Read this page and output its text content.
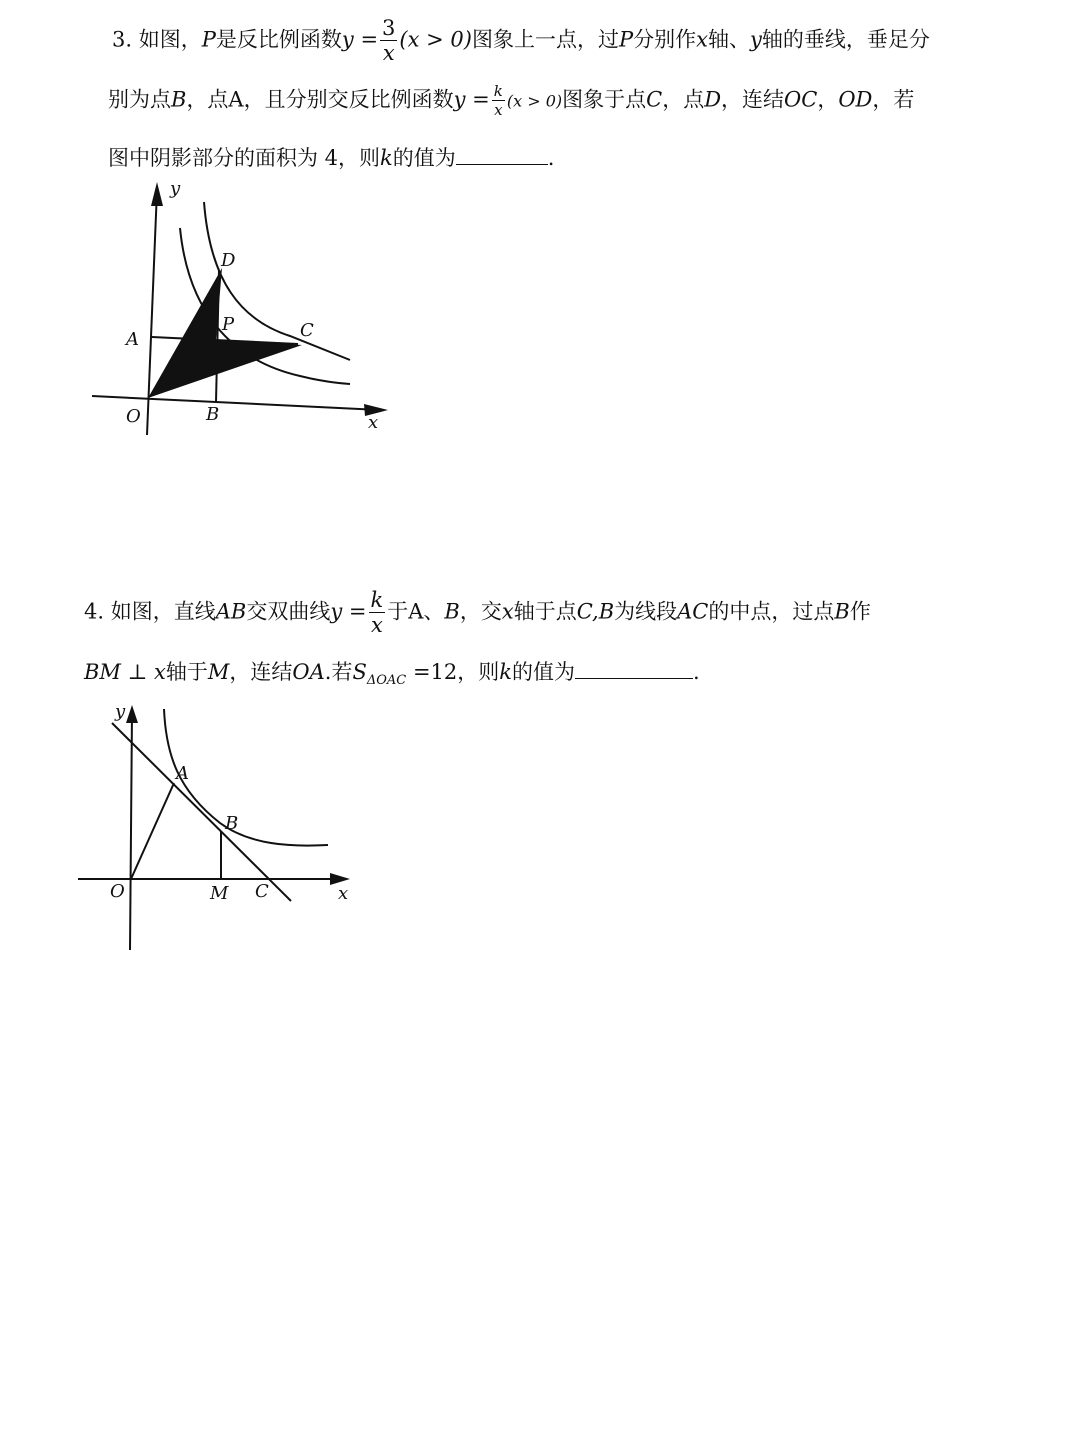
3. 如图，P是反比例函数$y = \frac{3}{x} (x > 0)$图象上一点，过P分别作x轴、y轴的垂线，垂足分
别为点B，点A，且分别交反比例函数$y = \frac{k}{x} (x > 0)$图象于点C，点D，连结OC，OD，若
图中阴影部分的面积为 4，则k的值为	.
y
x
O
A
B
C
D
P
4. 如图，直线AB交双曲线$y = \frac{k}{x}$ 于A、B，交x轴于点C,B为线段AC的中点，过点B作
BM ⊥ x轴于M，连结OA.若$S_{\Delta OAC} =12$，则k的值为	.
y
x
O
A
B
M C
